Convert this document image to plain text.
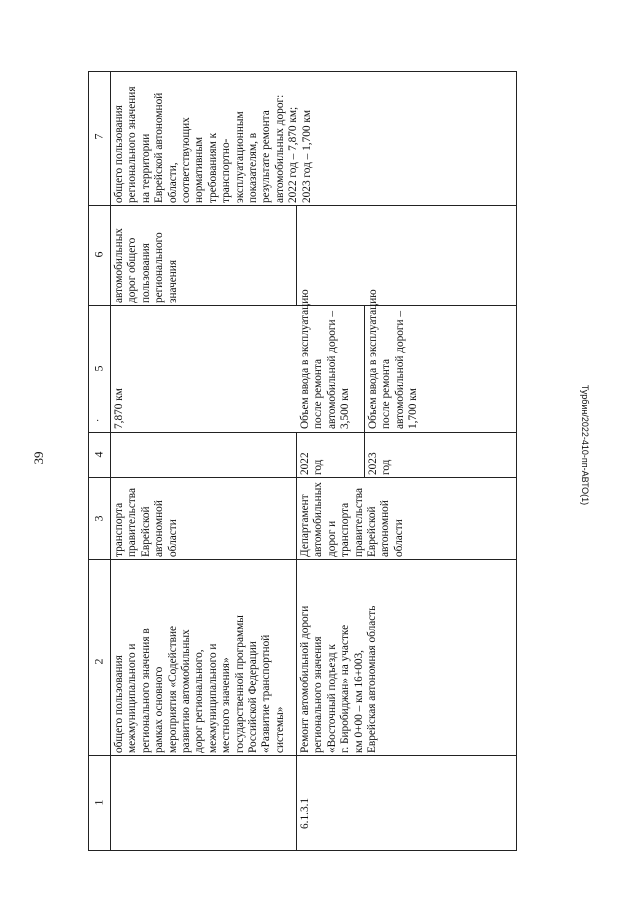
39
·	Турбин/2022-410-пп-АВТО(1)
1
2
3
4
5
6
7
общего пользования
межмуниципального и
регионального значения в
рамках основного
мероприятия «Содействие
развитию автомобильных
дорог регионального,
межмуниципального и
местного значения»
государственной программы
Российской Федерации
«Развитие транспортной
системы»
транспорта
правительства
Еврейской
автономной
области
7,870 км
автомобильных
дорог общего
пользования
регионального
значения
общего пользования
регионального значения
на территории
Еврейской автономной
области,
соответствующих
нормативным
требованиям к
транспортно-
эксплуатационным
показателям, в
результате ремонта
автомобильных дорог:
2022 год – 7,870 км;
2023 год – 1,700 км
6.1.3.1
Ремонт автомобильной дороги
регионального значения
«Восточный подъезд к
г. Биробиджан» на участке
км 0+00 – км 16+003,
Еврейская автономная область
Департамент
автомобильных
дорог и
транспорта
правительства
Еврейской
автономной
области
2022
год
Объем ввода в эксплуатацию
после ремонта
автомобильной дороги –
3,500 км
2023
год
Объем ввода в эксплуатацию
после ремонта
автомобильной дороги –
1,700 км
